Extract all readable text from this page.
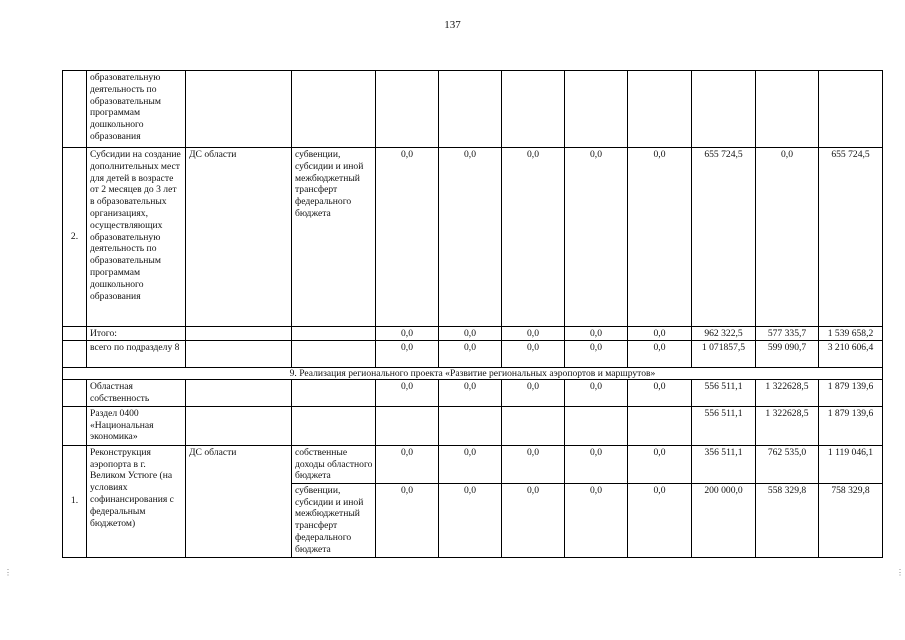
137
	образовательную деятельность по образовательным программам дошкольного образования										
2.	Субсидии на создание дополнительных мест для детей в возрасте от 2 месяцев до 3 лет в образовательных организациях, осуществляющих образовательную деятельность по образовательным программам дошкольного образования	ДС области	субвенции, субсидии и иной межбюджетный трансферт федерального бюджета	0,0	0,0	0,0	0,0	0,0	655 724,5	0,0	655 724,5
	Итого:			0,0	0,0	0,0	0,0	0,0	962 322,5	577 335,7	1 539 658,2
	всего по подразделу 8			0,0	0,0	0,0	0,0	0,0	1 071857,5	599 090,7	3 210 606,4
9. Реализация регионального проекта «Развитие региональных аэропортов и маршрутов»											
	Областная собственность			0,0	0,0	0,0	0,0	0,0	556 511,1	1 322628,5	1 879 139,6
	Раздел 0400 «Национальная экономика»								556 511,1	1 322628,5	1 879 139,6
1.	Реконструкция аэропорта в г. Великом Устюге (на условиях софинансирования с федеральным бюджетом)	ДС области	собственные доходы областного бюджета	0,0	0,0	0,0	0,0	0,0	356 511,1	762 535,0	1 119 046,1
			субвенции, субсидии и иной межбюджетный трансферт федерального бюджета	0,0	0,0	0,0	0,0	0,0	200 000,0	558 329,8	758 329,8
⋮	⋮
